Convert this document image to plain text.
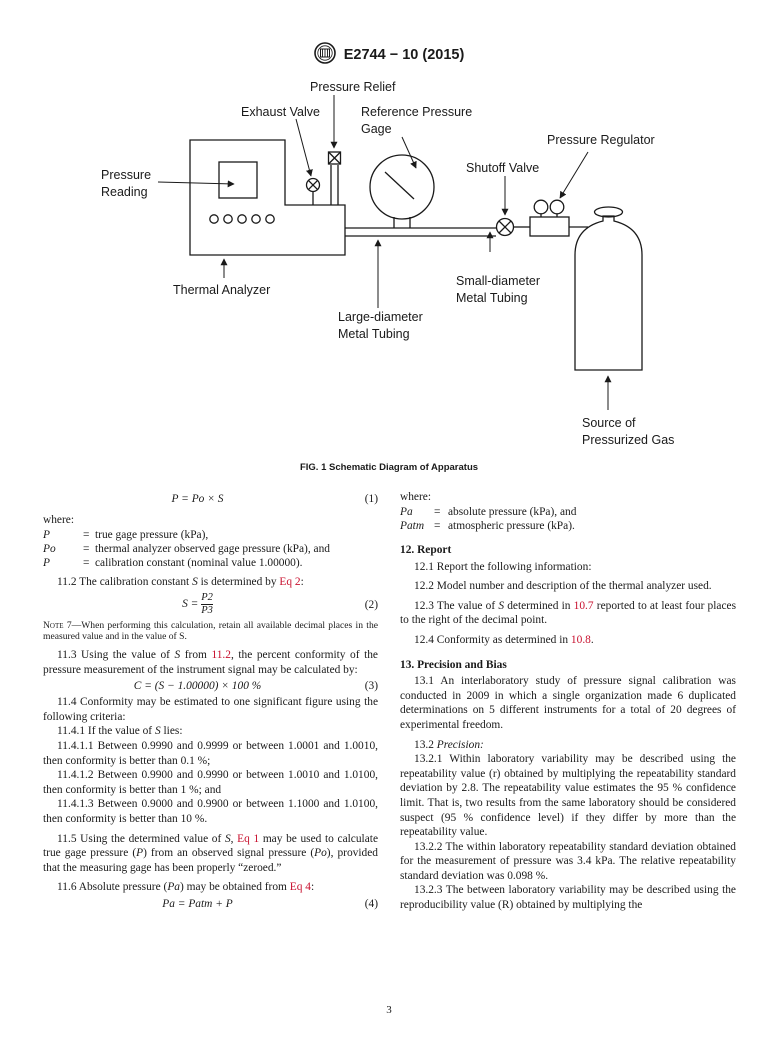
E2744 − 10 (2015)
Pressure Relief
Exhaust Valve	Reference Pressure
Gage
Pressure Regulator
Shutoff Valve
Pressure
Reading
Thermal Analyzer
Small-diameter
Metal Tubing
Large-diameter
Metal Tubing
Source of
Pressurized Gas
FIG. 1 Schematic Diagram of Apparatus
P = Po × S	(1)

where:

P	= true gage pressure (kPa),
Po	= thermal analyzer observed gage pressure (kPa), and
P	= calibration constant (nominal value 1.00000).

11.2 The calibration constant S is determined by Eq 2:

$S = \frac{P2}{P3}$	(2)

Note 7—When performing this calculation, retain all available decimal places in the measured value and in the value of S.

11.3 Using the value of S from 11.2, the percent conformity of the pressure measurement of the instrument signal may be calculated by:

C = (S − 1.00000) × 100 %	(3)

11.4 Conformity may be estimated to one significant figure using the following criteria:

11.4.1 If the value of S lies:

11.4.1.1 Between 0.9990 and 0.9999 or between 1.0001 and 1.0010, then conformity is better than 0.1 %;

11.4.1.2 Between 0.9900 and 0.9990 or between 1.0010 and 1.0100, then conformity is better than 1 %; and

11.4.1.3 Between 0.9000 and 0.9900 or between 1.1000 and 1.0100, then conformity is better than 10 %.

11.5 Using the determined value of S, Eq 1 may be used to calculate true gage pressure (P) from an observed signal pressure (Po), provided that the measuring gage has been properly “zeroed.”

11.6 Absolute pressure (Pa) may be obtained from Eq 4:

Pa = Patm + P	(4)

where:

Pa	= absolute pressure (kPa), and
Patm = atmospheric pressure (kPa).

12. Report

12.1 Report the following information:

12.2 Model number and description of the thermal analyzer used.

12.3 The value of S determined in 10.7 reported to at least four places to the right of the decimal point.

12.4 Conformity as determined in 10.8.

13. Precision and Bias

13.1 An interlaboratory study of pressure signal calibration was conducted in 2009 in which a single organization made 6 duplicated determinations on 5 different instruments for a total of 20 degrees of experimental freedom.

13.2 Precision:

13.2.1 Within laboratory variability may be described using the repeatability value (r) obtained by multiplying the repeatability standard deviation by 2.8. The repeatability value estimates the 95 % confidence limit. That is, two results from the same laboratory should be considered suspect (95 % confidence level) if they differ by more than the repeatability value.

13.2.2 The within laboratory repeatability standard deviation obtained for the measurement of pressure was 3.4 kPa. The relative repeatability standard deviation was 0.098 %.

13.2.3 The between laboratory variability may be described using the reproducibility value (R) obtained by multiplying the

3
